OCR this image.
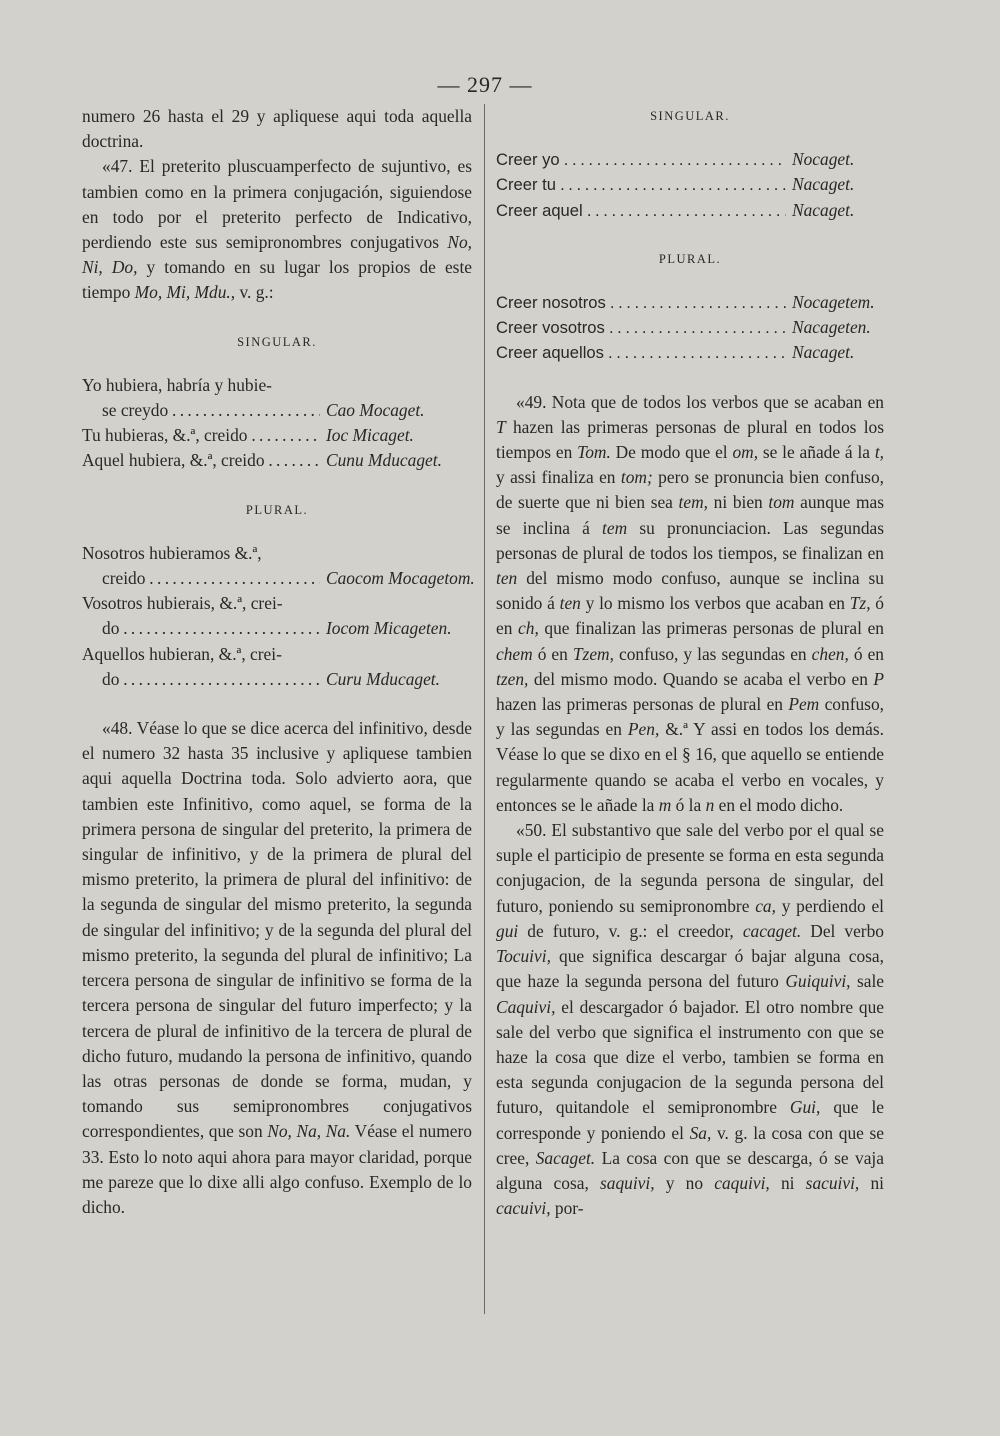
— 297 —

numero 26 hasta el 29 y apliquese aqui toda aquella doctrina.

«47. El preterito pluscuamperfecto de sujuntivo, es tambien como en la primera conjugación, siguiendose en todo por el preterito perfecto de Indicativo, perdiendo este sus semipronombres conjugativos No, Ni, Do, y tomando en su lugar los propios de este tiempo Mo, Mi, Mdu., v. g.:

SINGULAR.

Yo hubiera, habría y hubie-
se creydo . . .	Cao Mocaget.
Tu hubieras, &.ª, creido . . .	Ioc Micaget.
Aquel hubiera, &.ª, creido . . .	Cunu Mducaget.

PLURAL.

Nosotros hubieramos &.ª,
creido . . .	Caocom Mocagetom.
Vosotros hubierais, &.ª, crei-
do . . .	Iocom Micageten.
Aquellos hubieran, &.ª, crei-
do . . .	Curu Mducaget.

«48. Véase lo que se dice acerca del infinitivo, desde el numero 32 hasta 35 inclusive y apliquese tambien aqui aquella Doctrina toda. Solo advierto aora, que tambien este Infinitivo, como aquel, se forma de la primera persona de singular del preterito, la primera de singular de infinitivo, y de la primera de plural del mismo preterito, la primera de plural del infinitivo: de la segunda de singular del mismo preterito, la segunda de singular del infinitivo; y de la segunda del plural del mismo preterito, la segunda del plural de infinitivo; La tercera persona de singular de infinitivo se forma de la tercera persona de singular del futuro imperfecto; y la tercera de plural de infinitivo de la tercera de plural de dicho futuro, mudando la persona de infinitivo, quando las otras personas de donde se forma, mudan, y tomando sus semipronombres conjugativos correspondientes, que son No, Na, Na. Véase el numero 33. Esto lo noto aqui ahora para mayor claridad, porque me pareze que lo dixe alli algo confuso. Exemplo de lo dicho.

SINGULAR.

Creer yo . . .	Nocaget.
Creer tu . . .	Nacaget.
Creer aquel . . .	Nacaget.

PLURAL.

Creer nosotros . . .	Nocagetem.
Creer vosotros . . .	Nacageten.
Creer aquellos . . .	Nacaget.

«49. Nota que de todos los verbos que se acaban en T hazen las primeras personas de plural en todos los tiempos en Tom. De modo que el om, se le añade á la t, y assi finaliza en tom; pero se pronuncia bien confuso, de suerte que ni bien sea tem, ni bien tom aunque mas se inclina á tem su pronunciacion. Las segundas personas de plural de todos los tiempos, se finalizan en ten del mismo modo confuso, aunque se inclina su sonido á ten y lo mismo los verbos que acaban en Tz, ó en ch, que finalizan las primeras personas de plural en chem ó en Tzem, confuso, y las segundas en chen, ó en tzen, del mismo modo. Quando se acaba el verbo en P hazen las primeras personas de plural en Pem confuso, y las segundas en Pen, &.ª Y assi en todos los demás. Véase lo que se dixo en el § 16, que aquello se entiende regularmente quando se acaba el verbo en vocales, y entonces se le añade la m ó la n en el modo dicho.

«50. El substantivo que sale del verbo por el qual se suple el participio de presente se forma en esta segunda conjugacion, de la segunda persona de singular, del futuro, poniendo su semipronombre ca, y perdiendo el gui de futuro, v. g.: el creedor, cacaget. Del verbo Tocuivi, que significa descargar ó bajar alguna cosa, que haze la segunda persona del futuro Guiquivi, sale Caquivi, el descargador ó bajador. El otro nombre que sale del verbo que significa el instrumento con que se haze la cosa que dize el verbo, tambien se forma en esta segunda conjugacion de la segunda persona del futuro, quitandole el semipronombre Gui, que le corresponde y poniendo el Sa, v. g. la cosa con que se cree, Sacaget. La cosa con que se descarga, ó se vaja alguna cosa, saquivi, y no caquivi, ni sacuivi, ni cacuivi, por-
